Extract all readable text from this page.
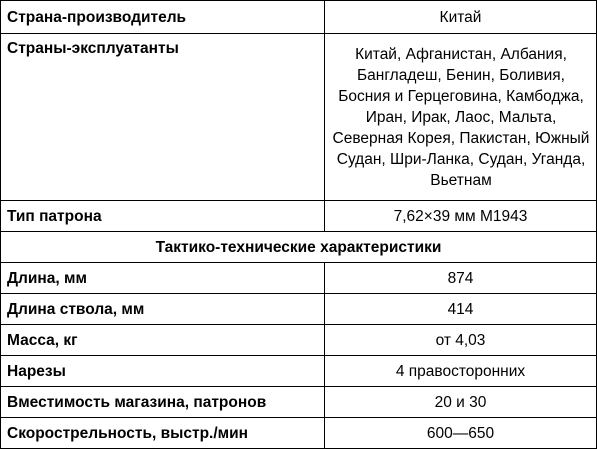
Страна-производитель	Китай
Страны-эксплуатанты	Китай, Афганистан, Албания, Бангладеш, Бенин, Боливия, Босния и Герцеговина, Камбоджа, Иран, Ирак, Лаос, Мальта, Северная Корея, Пакистан, Южный Судан, Шри-Ланка, Судан, Уганда, Вьетнам

Тип патрона	7,62×39 мм М1943
Тактико-технические характеристики	
Длина, мм	874
Длина ствола, мм	414
Масса, кг	от 4,03
Нарезы	4 правосторонних
Вместимость магазина, патронов	20 и 30
Скорострельность, выстр./мин	600—650
